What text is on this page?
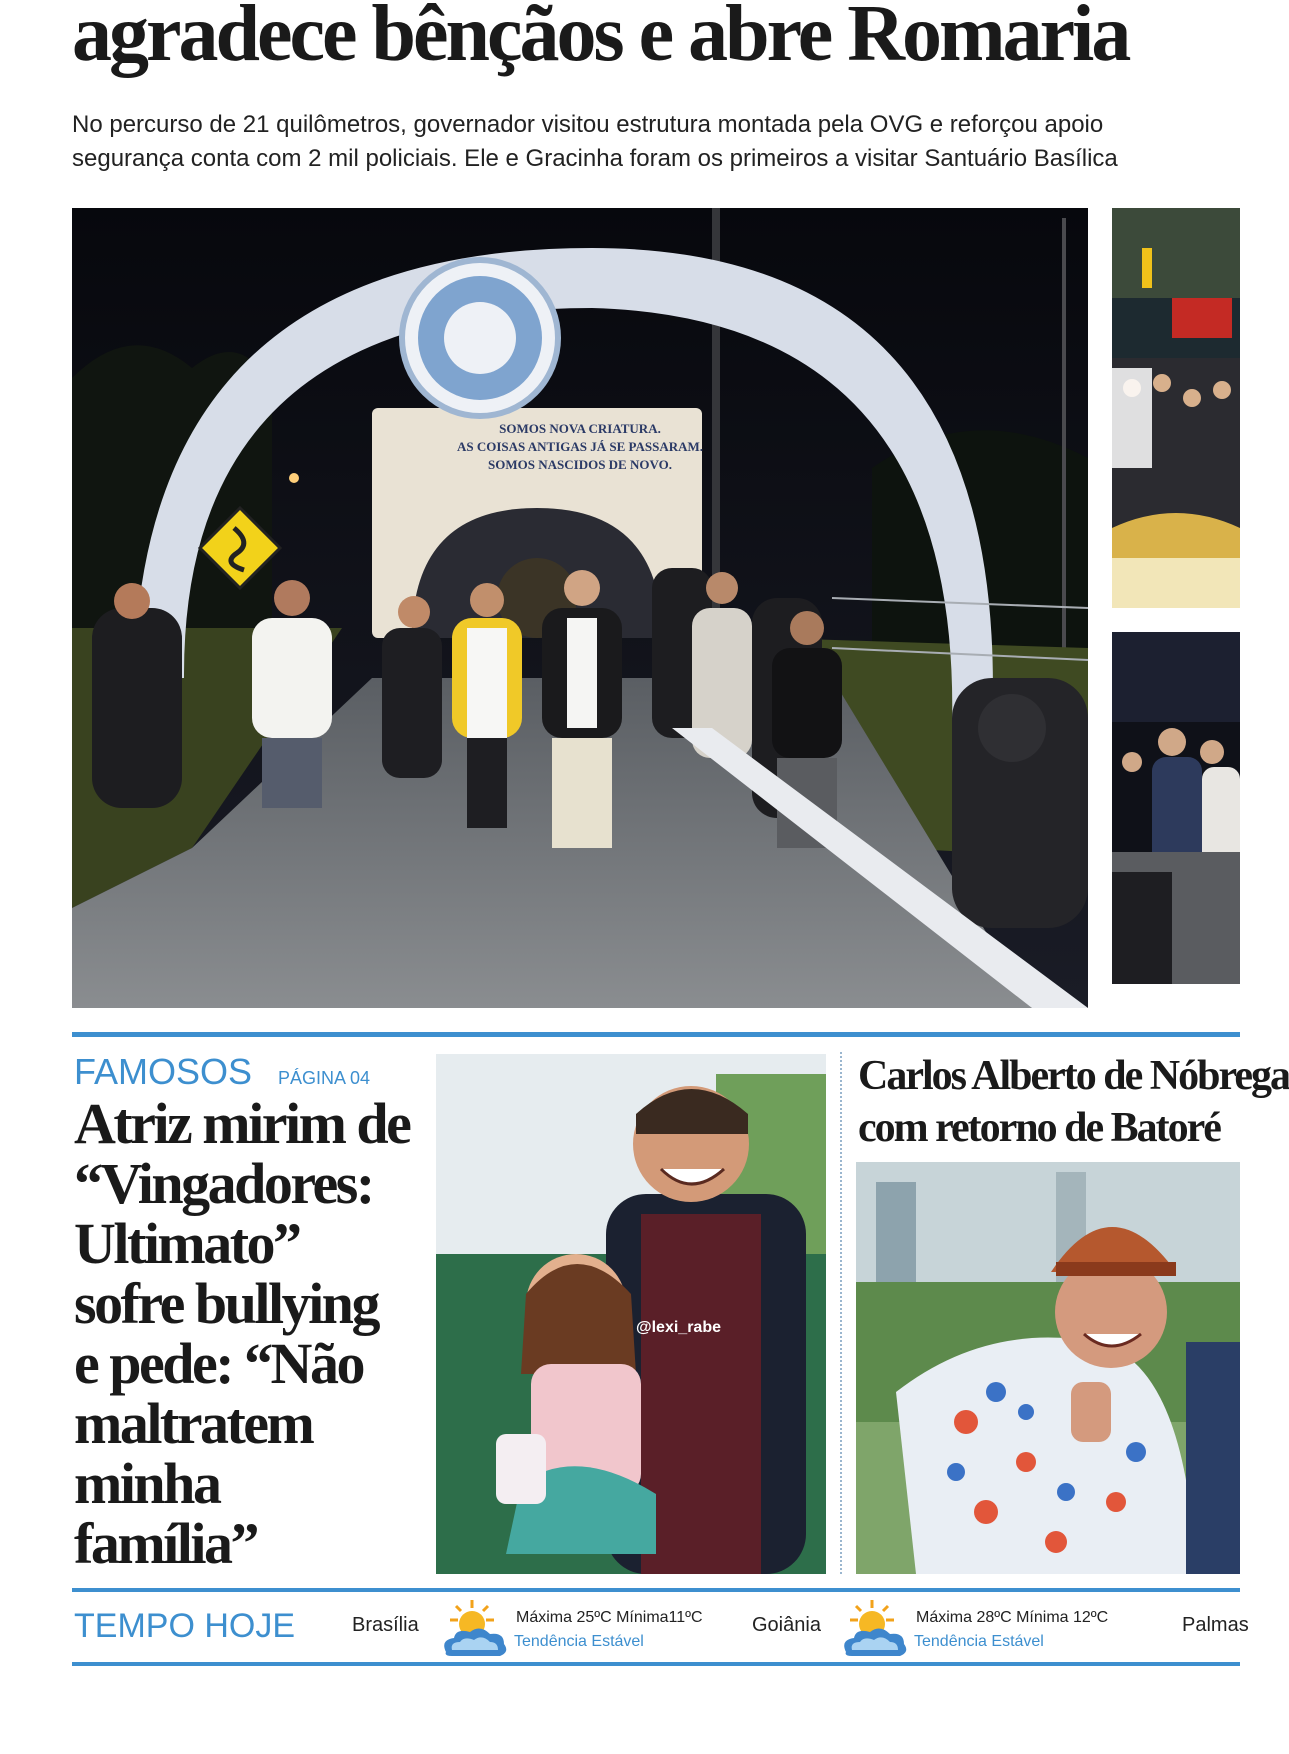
agradece bênçãos e abre Romaria
No percurso de 21 quilômetros, governador visitou estrutura montada pela OVG e reforçou apoio
segurança conta com 2 mil policiais. Ele e Gracinha foram os primeiros a visitar Santuário Basílica
SOMOS NOVA CRIATURA.
AS COISAS ANTIGAS JÁ SE PASSARAM.
SOMOS NASCIDOS DE NOVO.
FAMOSOS PÁGINA 04
Atriz mirim de
“Vingadores:
Ultimato”
sofre bullying
e pede: “Não
maltratem
minha
família”
@lexi_rabe
Carlos Alberto de Nóbrega
com retorno de Batoré
TEMPO HOJE	Brasília	Máxima 25ºC Mínima11ºC
Tendência Estável
Goiânia	Máxima 28ºC Mínima 12ºC
Tendência Estável
Palmas
